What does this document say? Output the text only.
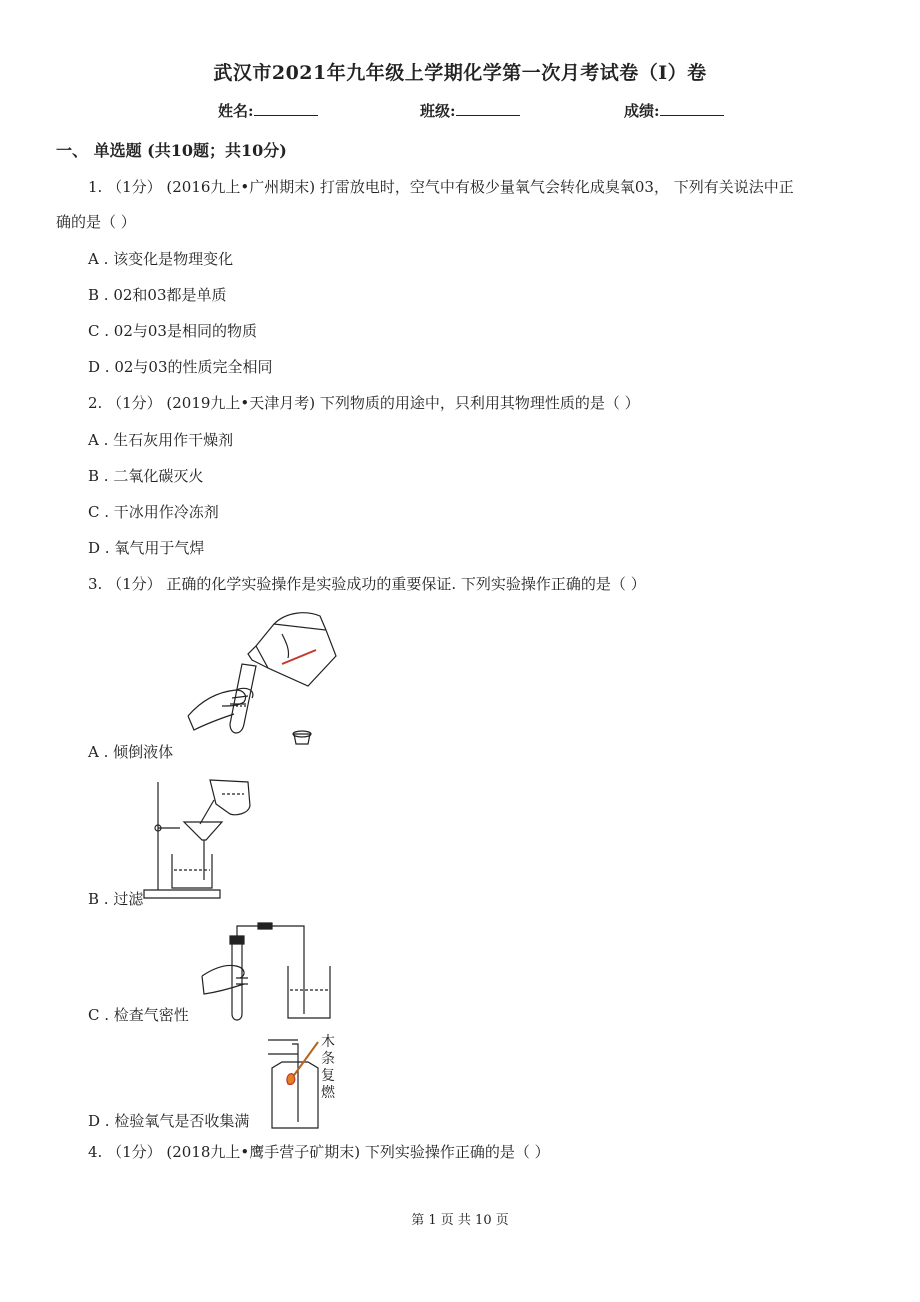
武汉市2021年九年级上学期化学第一次月考试卷（I）卷
姓名:	班级:	成绩:
一、 单选题 (共10题；共10分)
1. （1分） (2016九上•广州期末) 打雷放电时，空气中有极少量氧气会转化成臭氧03， 下列有关说法中正
确的是（ ）
A . 该变化是物理变化
B . 02和03都是单质
C . 02与03是相同的物质
D . 02与03的性质完全相同
2. （1分） (2019九上•天津月考) 下列物质的用途中，只利用其物理性质的是（ ）
A . 生石灰用作干燥剂
B . 二氧化碳灭火
C . 干冰用作冷冻剂
D . 氧气用于气焊
3. （1分） 正确的化学实验操作是实验成功的重要保证. 下列实验操作正确的是（ ）
A . 倾倒液体
B . 过滤
C . 检查气密性
木
条
复
燃
D . 检验氧气是否收集满
4. （1分） (2018九上•鹰手营子矿期末) 下列实验操作正确的是（ ）
第 1 页 共 10 页
